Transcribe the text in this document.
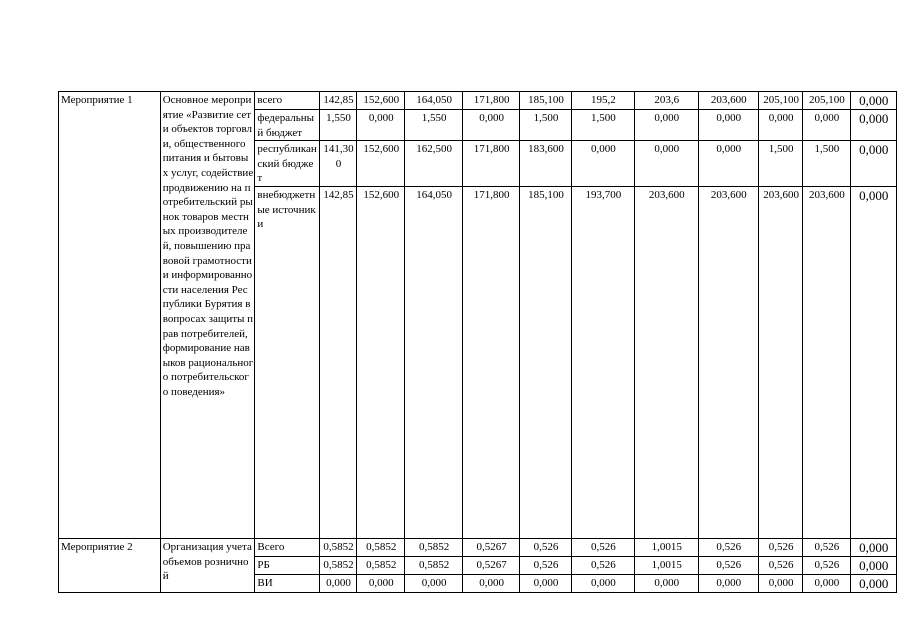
Мероприятие 1	Основное мероприятие «Развитие сети объектов торговли, общественного питания и бытовых услуг, содействие продвижению на потребительский рынок товаров местных производителей, повышению правовой грамотности и информированности населения Республики Бурятия в вопросах защиты прав потребителей, формирование навыков рационального потребительского поведения»	всего	142,85	152,600	164,050	171,800	185,100	195,2	203,6	203,600	205,100	205,100	0,000
		федеральный бюджет	1,550	0,000	1,550	0,000	1,500	1,500	0,000	0,000	0,000	0,000	0,000
		республиканский бюджет	141,300	152,600	162,500	171,800	183,600	0,000	0,000	0,000	1,500	1,500	0,000
		внебюджетные источники	142,85	152,600	164,050	171,800	185,100	193,700	203,600	203,600	203,600	203,600	0,000
Мероприятие 2	Организация учета объемов розничной	Всего	0,5852	0,5852	0,5852	0,5267	0,526	0,526	1,0015	0,526	0,526	0,526	0,000
		РБ	0,5852	0,5852	0,5852	0,5267	0,526	0,526	1,0015	0,526	0,526	0,526	0,000
		ВИ	0,000	0,000	0,000	0,000	0,000	0,000	0,000	0,000	0,000	0,000	0,000
